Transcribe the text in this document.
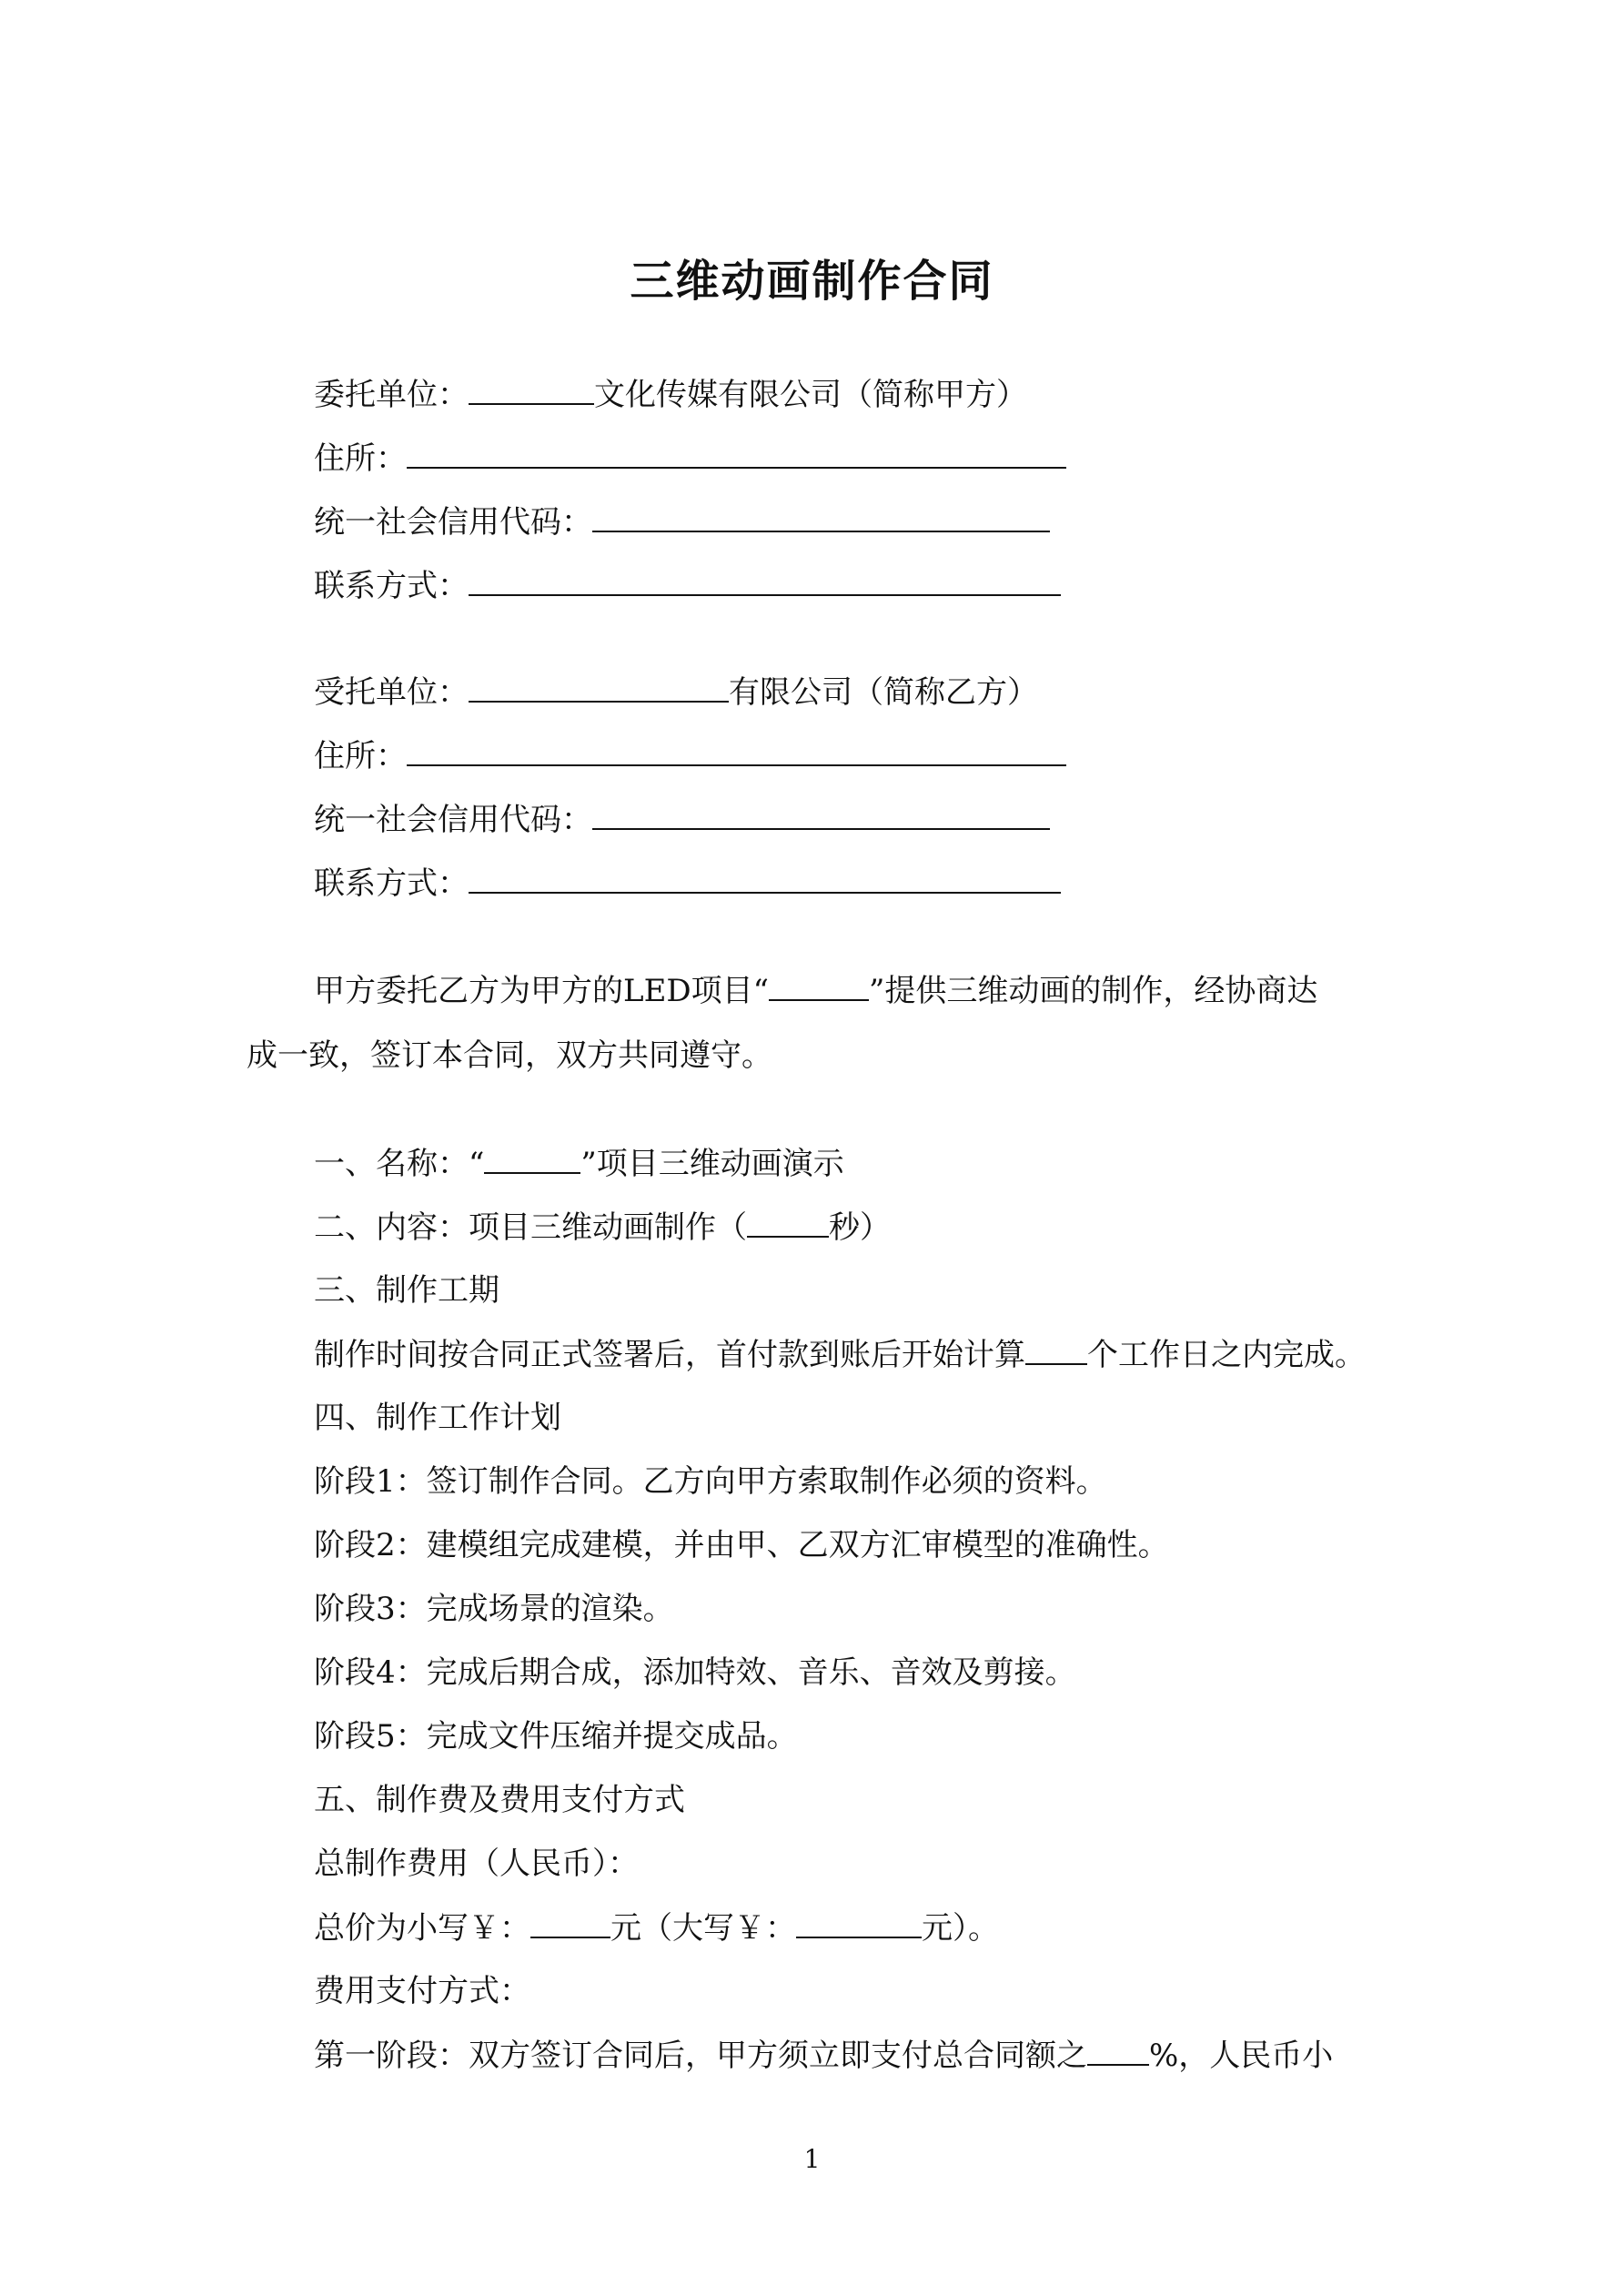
三维动画制作合同
委托单位：	文化传媒有限公司（简称甲方）
住所：
统一社会信用代码：
联系方式：
受托单位：	有限公司（简称乙方）
住所：
统一社会信用代码：
联系方式：
甲方委托乙方为甲方的LED项目“	”提供三维动画的制作，经协商达
成一致，签订本合同，双方共同遵守。
一、名称：“	”项目三维动画演示
二、内容：项目三维动画制作（	秒）
三、制作工期
制作时间按合同正式签署后，首付款到账后开始计算 个工作日之内完成。
四、制作工作计划
阶段1：签订制作合同。乙方向甲方索取制作必须的资料。
阶段2：建模组完成建模，并由甲、乙双方汇审模型的准确性。
阶段3：完成场景的渲染。
阶段4：完成后期合成，添加特效、音乐、音效及剪接。
阶段5：完成文件压缩并提交成品。
五、制作费及费用支付方式
总制作费用（人民币）：
总价为小写￥：	元（大写￥：	元）。
费用支付方式：
第一阶段：双方签订合同后，甲方须立即支付总合同额之 %，人民币小
1
